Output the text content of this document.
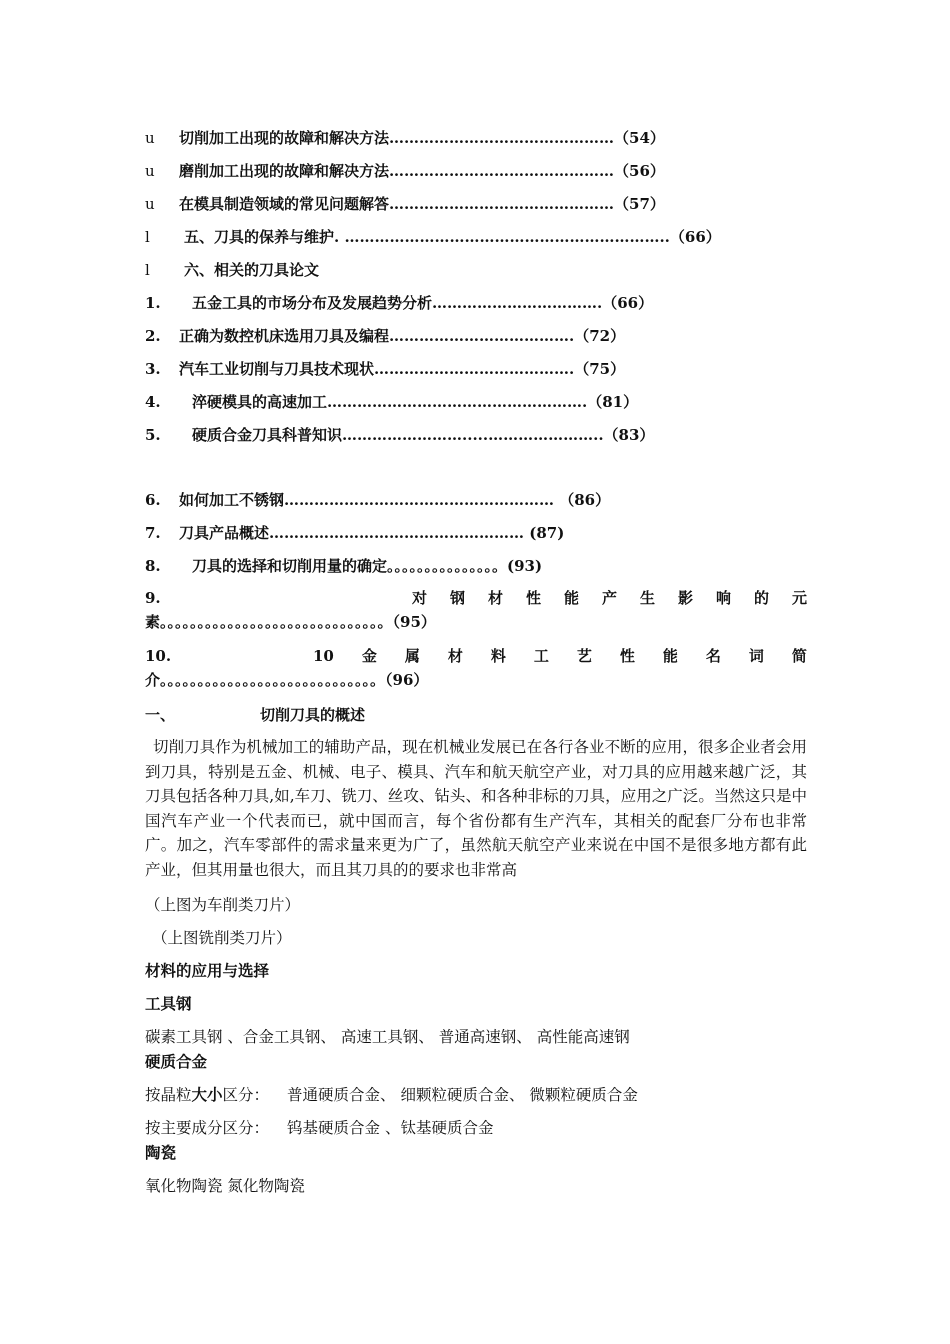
u 切削加工出现的故障和解决方法………………………………………（54）
u 磨削加工出现的故障和解决方法………………………………………（56）
u 在模具制造领域的常见问题解答………………………………………（57）
l 五、刀具的保养与维护. ………………………………………………………..（66）
l 六、相关的刀具论文
1. 五金工具的市场分布及发展趋势分析…………………………….（66）
2. 正确为数控机床选用刀具及编程……………………………….（72）
3. 汽车工业切削与刀具技术现状………………………………….（75）
4. 淬硬模具的高速加工…………………………………………….（81）
5. 硬质合金刀具科普知识…………………….....…………………..（83）
6. 如何加工不锈钢……………………………………………… （86）
7. 刀具产品概述…………………………………………… (87)
8. 刀具的选择和切削用量的确定。。。。。。。。。。。。。。。(93)
9.	对 钢 材 性 能 产 生 影 响 的 元
素。。。。。。。。。。。。。。。。。。。。。。。。。。。。。。（95）
10.	10 金 属 材 料 工 艺 性 能 名 词 简
介。。。。。。。。。。。。。。。。。。。。。。。。。。。。。（96）
一、	切削刀具的概述

切削刀具作为机械加工的辅助产品，现在机械业发展已在各行各业不断的应用，很多企业者会用到刀具，特别是五金、机械、电子、模具、汽车和航天航空产业，对刀具的应用越来越广泛，其刀具包括各种刀具,如,车刀、铣刀、丝攻、钻头、和各种非标的刀具，应用之广泛。当然这只是中国汽车产业一个代表而已，就中国而言，每个省份都有生产汽车，其相关的配套厂分布也非常广。加之，汽车零部件的需求量来更为广了，虽然航天航空产业来说在中国不是很多地方都有此产业，但其用量也很大，而且其刀具的的要求也非常高

（上图为车削类刀片）
（上图铣削类刀片）
材料的应用与选择
工具钢
碳素工具钢 、合金工具钢、 高速工具钢、 普通高速钢、 高性能高速钢
硬质合金
按晶粒大小区分： 普通硬质合金、 细颗粒硬质合金、 微颗粒硬质合金
按主要成分区分： 钨基硬质合金 、钛基硬质合金
陶瓷
氧化物陶瓷 氮化物陶瓷
